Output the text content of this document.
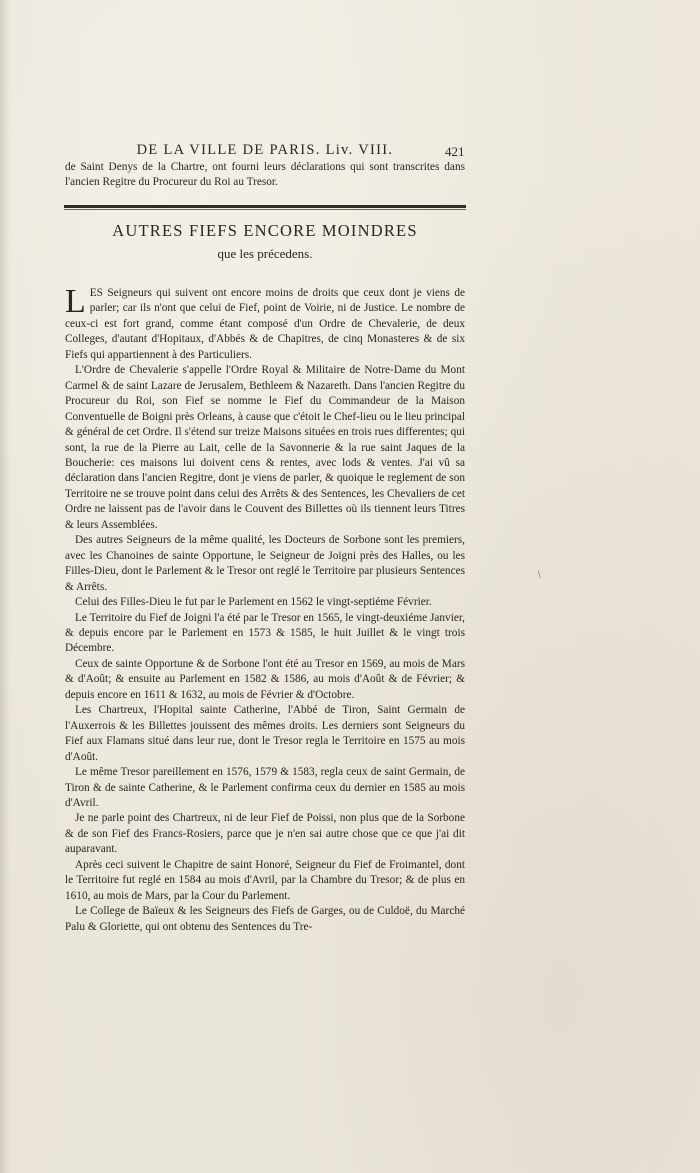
DE LA VILLE DE PARIS. Liv. VIII.	421

de Saint Denys de la Chartre, ont fourni leurs déclarations qui sont transcrites dans l'ancien Regitre du Procureur du Roi au Tresor.

AUTRES FIEFS ENCORE MOINDRES
que les précedens.

LES Seigneurs qui suivent ont encore moins de droits que ceux dont je viens de parler; car ils n'ont que celui de Fief, point de Voirie, ni de Justice. Le nombre de ceux-ci est fort grand, comme étant composé d'un Ordre de Chevalerie, de deux Colleges, d'autant d'Hopitaux, d'Abbés & de Chapitres, de cinq Monasteres & de six Fiefs qui appartiennent à des Particuliers.

L'Ordre de Chevalerie s'appelle l'Ordre Royal & Militaire de Notre-Dame du Mont Carmel & de saint Lazare de Jerusalem, Bethleem & Nazareth. Dans l'ancien Regitre du Procureur du Roi, son Fief se nomme le Fief du Commandeur de la Maison Conventuelle de Boigni près Orleans, à cause que c'étoit le Chef-lieu ou le lieu principal & général de cet Ordre. Il s'étend sur treize Maisons situées en trois rues differentes; qui sont, la rue de la Pierre au Lait, celle de la Savonnerie & la rue saint Jaques de la Boucherie: ces maisons lui doivent cens & rentes, avec lods & ventes. J'ai vû sa déclaration dans l'ancien Regitre, dont je viens de parler, & quoique le reglement de son Territoire ne se trouve point dans celui des Arrêts & des Sentences, les Chevaliers de cet Ordre ne laissent pas de l'avoir dans le Couvent des Billettes où ils tiennent leurs Titres & leurs Assemblées.

Des autres Seigneurs de la même qualité, les Docteurs de Sorbone sont les premiers, avec les Chanoines de sainte Opportune, le Seigneur de Joigni près des Halles, ou les Filles-Dieu, dont le Parlement & le Tresor ont reglé le Territoire par plusieurs Sentences & Arrêts.

Celui des Filles-Dieu le fut par le Parlement en 1562 le vingt-septiéme Février.

Le Territoire du Fief de Joigni l'a été par le Tresor en 1565, le vingt-deuxiéme Janvier, & depuis encore par le Parlement en 1573 & 1585, le huit Juillet & le vingt trois Décembre.

Ceux de sainte Opportune & de Sorbone l'ont été au Tresor en 1569, au mois de Mars & d'Août; & ensuite au Parlement en 1582 & 1586, au mois d'Août & de Février; & depuis encore en 1611 & 1632, au mois de Février & d'Octobre.

Les Chartreux, l'Hopital sainte Catherine, l'Abbé de Tiron, Saint Germain de l'Auxerrois & les Billettes jouissent des mêmes droits. Les derniers sont Seigneurs du Fief aux Flamans situé dans leur rue, dont le Tresor regla le Territoire en 1575 au mois d'Août.

Le même Tresor pareillement en 1576, 1579 & 1583, regla ceux de saint Germain, de Tiron & de sainte Catherine, & le Parlement confirma ceux du dernier en 1585 au mois d'Avril.

Je ne parle point des Chartreux, ni de leur Fief de Poissi, non plus que de la Sorbone & de son Fief des Francs-Rosiers, parce que je n'en sai autre chose que ce que j'ai dit auparavant.

Après ceci suivent le Chapitre de saint Honoré, Seigneur du Fief de Froimantel, dont le Territoire fut reglé en 1584 au mois d'Avril, par la Chambre du Tresor; & de plus en 1610, au mois de Mars, par la Cour du Parlement.

Le College de Baïeux & les Seigneurs des Fiefs de Garges, ou de Culdoë, du Marché Palu & Gloriette, qui ont obtenu des Sentences du Tre-

\
